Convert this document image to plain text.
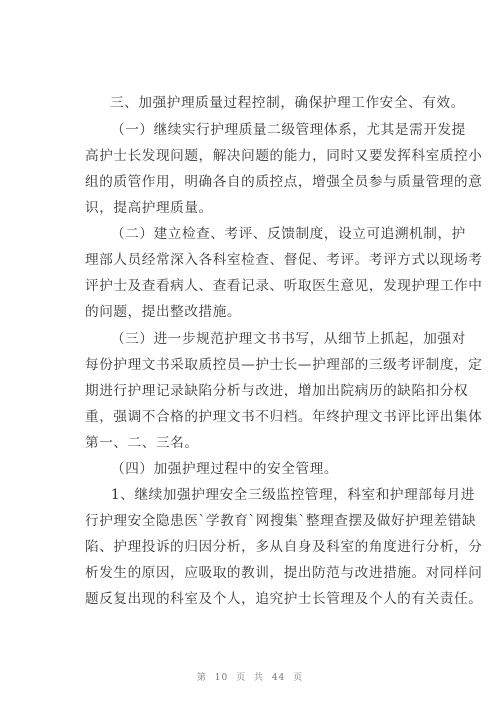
三、加强护理质量过程控制，确保护理工作安全、有效。
（一）继续实行护理质量二级管理体系，尤其是需开发提
高护士长发现问题，解决问题的能力，同时又要发挥科室质控小
组的质管作用，明确各自的质控点，增强全员参与质量管理的意
识，提高护理质量。
（二）建立检查、考评、反馈制度，设立可追溯机制，护
理部人员经常深入各科室检查、督促、考评。考评方式以现场考
评护士及查看病人、查看记录、听取医生意见，发现护理工作中
的问题，提出整改措施。
（三）进一步规范护理文书书写，从细节上抓起，加强对
每份护理文书采取质控员—护士长—护理部的三级考评制度，定
期进行护理记录缺陷分析与改进，增加出院病历的缺陷扣分权
重，强调不合格的护理文书不归档。年终护理文书评比评出集体
第一、二、三名。
（四）加强护理过程中的安全管理。
1、继续加强护理安全三级监控管理，科室和护理部每月进
行护理安全隐患医`学教育`网搜集`整理查摆及做好护理差错缺
陷、护理投诉的归因分析，多从自身及科室的角度进行分析，分
析发生的原因，应吸取的教训，提出防范与改进措施。对同样问
题反复出现的科室及个人，追究护士长管理及个人的有关责任。
第 10 页 共 44 页
